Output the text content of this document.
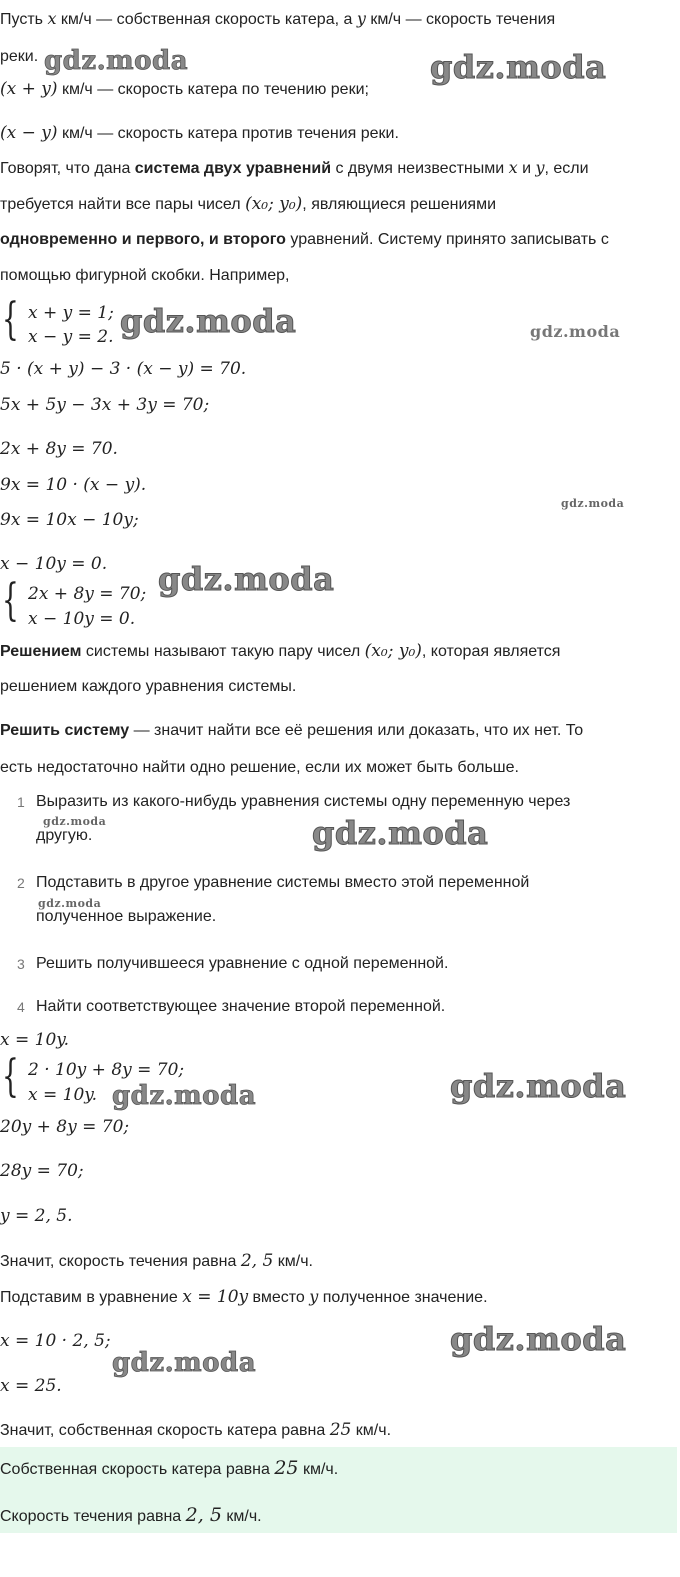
Пусть x км/ч — собственная скорость катера, а y км/ч — скорость течения
реки.
(x + y) км/ч — скорость катера по течению реки;
(x − y) км/ч — скорость катера против течения реки.
Говорят, что дана система двух уравнений с двумя неизвестными x и y, если
требуется найти все пары чисел (x₀; y₀), являющиеся решениями
одновременно и первого, и второго уравнений. Систему принято записывать с
помощью фигурной скобки. Например,
{ x + y = 1;
x − y = 2.
5 · (x + y) − 3 · (x − y) = 70.
5x + 5y − 3x + 3y = 70;
2x + 8y = 70.
9x = 10 · (x − y).
9x = 10x − 10y;
x − 10y = 0.
{ 2x + 8y = 70;
x − 10y = 0.
Решением системы называют такую пару чисел (x₀; y₀), которая является
решением каждого уравнения системы.
Решить систему — значит найти все её решения или доказать, что их нет. То
есть недостаточно найти одно решение, если их может быть больше.
1 Выразить из какого-нибудь уравнения системы одну переменную через
другую.
2 Подставить в другое уравнение системы вместо этой переменной
полученное выражение.
3 Решить получившееся уравнение с одной переменной.
4 Найти соответствующее значение второй переменной.
x = 10y.
{ 2 · 10y + 8y = 70;
x = 10y.
20y + 8y = 70;
28y = 70;
y = 2, 5.
Значит, скорость течения равна 2, 5 км/ч.
Подставим в уравнение x = 10y вместо y полученное значение.
x = 10 · 2, 5;
x = 25.
Значит, собственная скорость катера равна 25 км/ч.
Собственная скорость катера равна 25 км/ч.
Скорость течения равна 2, 5 км/ч.
gdz.moda	gdz.moda
gdz.moda	gdz.moda
gdz.moda
gdz.moda
gdz.moda	gdz.moda
gdz.moda
gdz.moda
gdz.moda
gdz.moda
gdz.moda
